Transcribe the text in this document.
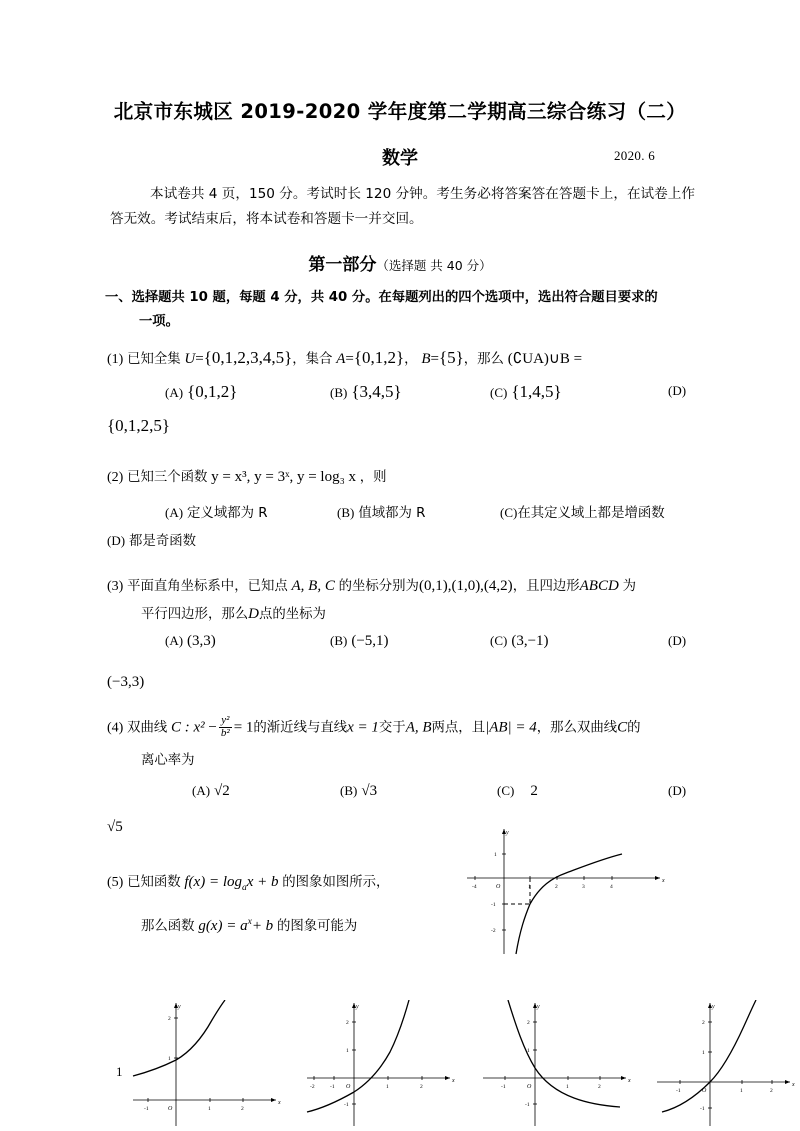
北京市东城区 2019-2020 学年度第二学期高三综合练习（二）
数学	2020. 6
本试卷共 4 页，150 分。考试时长 120 分钟。考生务必将答案答在答题卡上，在试卷上作答无效。考试结束后，将本试卷和答题卡一并交回。
第一部分（选择题 共 40 分）
一、选择题共 10 题，每题 4 分，共 40 分。在每题列出的四个选项中，选出符合题目要求的
一项。
(1) 已知全集 U={0,1,2,3,4,5}，集合 A={0,1,2}， B={5}，那么 (∁UA)∪B =
(A) {0,1,2}	(B) {3,4,5}	(C) {1,4,5}	(D)
{0,1,2,5}
(2) 已知三个函数 y = x³, y = 3ˣ, y = log₃ x ，则
(A) 定义域都为 R	(B) 值域都为 R	(C)在其定义域上都是增函数
(D) 都是奇函数
(3) 平面直角坐标系中，已知点 A, B, C 的坐标分别为(0,1),(1,0),(4,2)，且四边形ABCD 为
平行四边形，那么D点的坐标为
(A) (3,3)	(B) (−5,1)	(C) (3,−1)	(D)
(−3,3)
(4) 双曲线 C : $x^2 - \frac{\text{y²}}{\text{b²}} = 1$的渐近线与直线x = 1交于A, B两点，且|AB| = 4，那么双曲线C的
离心率为
(A) √2	(B) √3	(C) 2	(D)
√5
(5) 已知函数 $f(x) = \log_ax + b$ 的图象如图所示，
那么函数 $g(x) = a^x+ b$ 的图象可能为
x
y
-4	O	1	2	3	4
1
-1
-2
x
y
-1	O	1	2
1
2
x
y
-2	-1 O	1	2
1
2
-1
x
y
-1	O	1	2
1
2
-1
x
y
-1	O	1	2
1
2
-1
1
